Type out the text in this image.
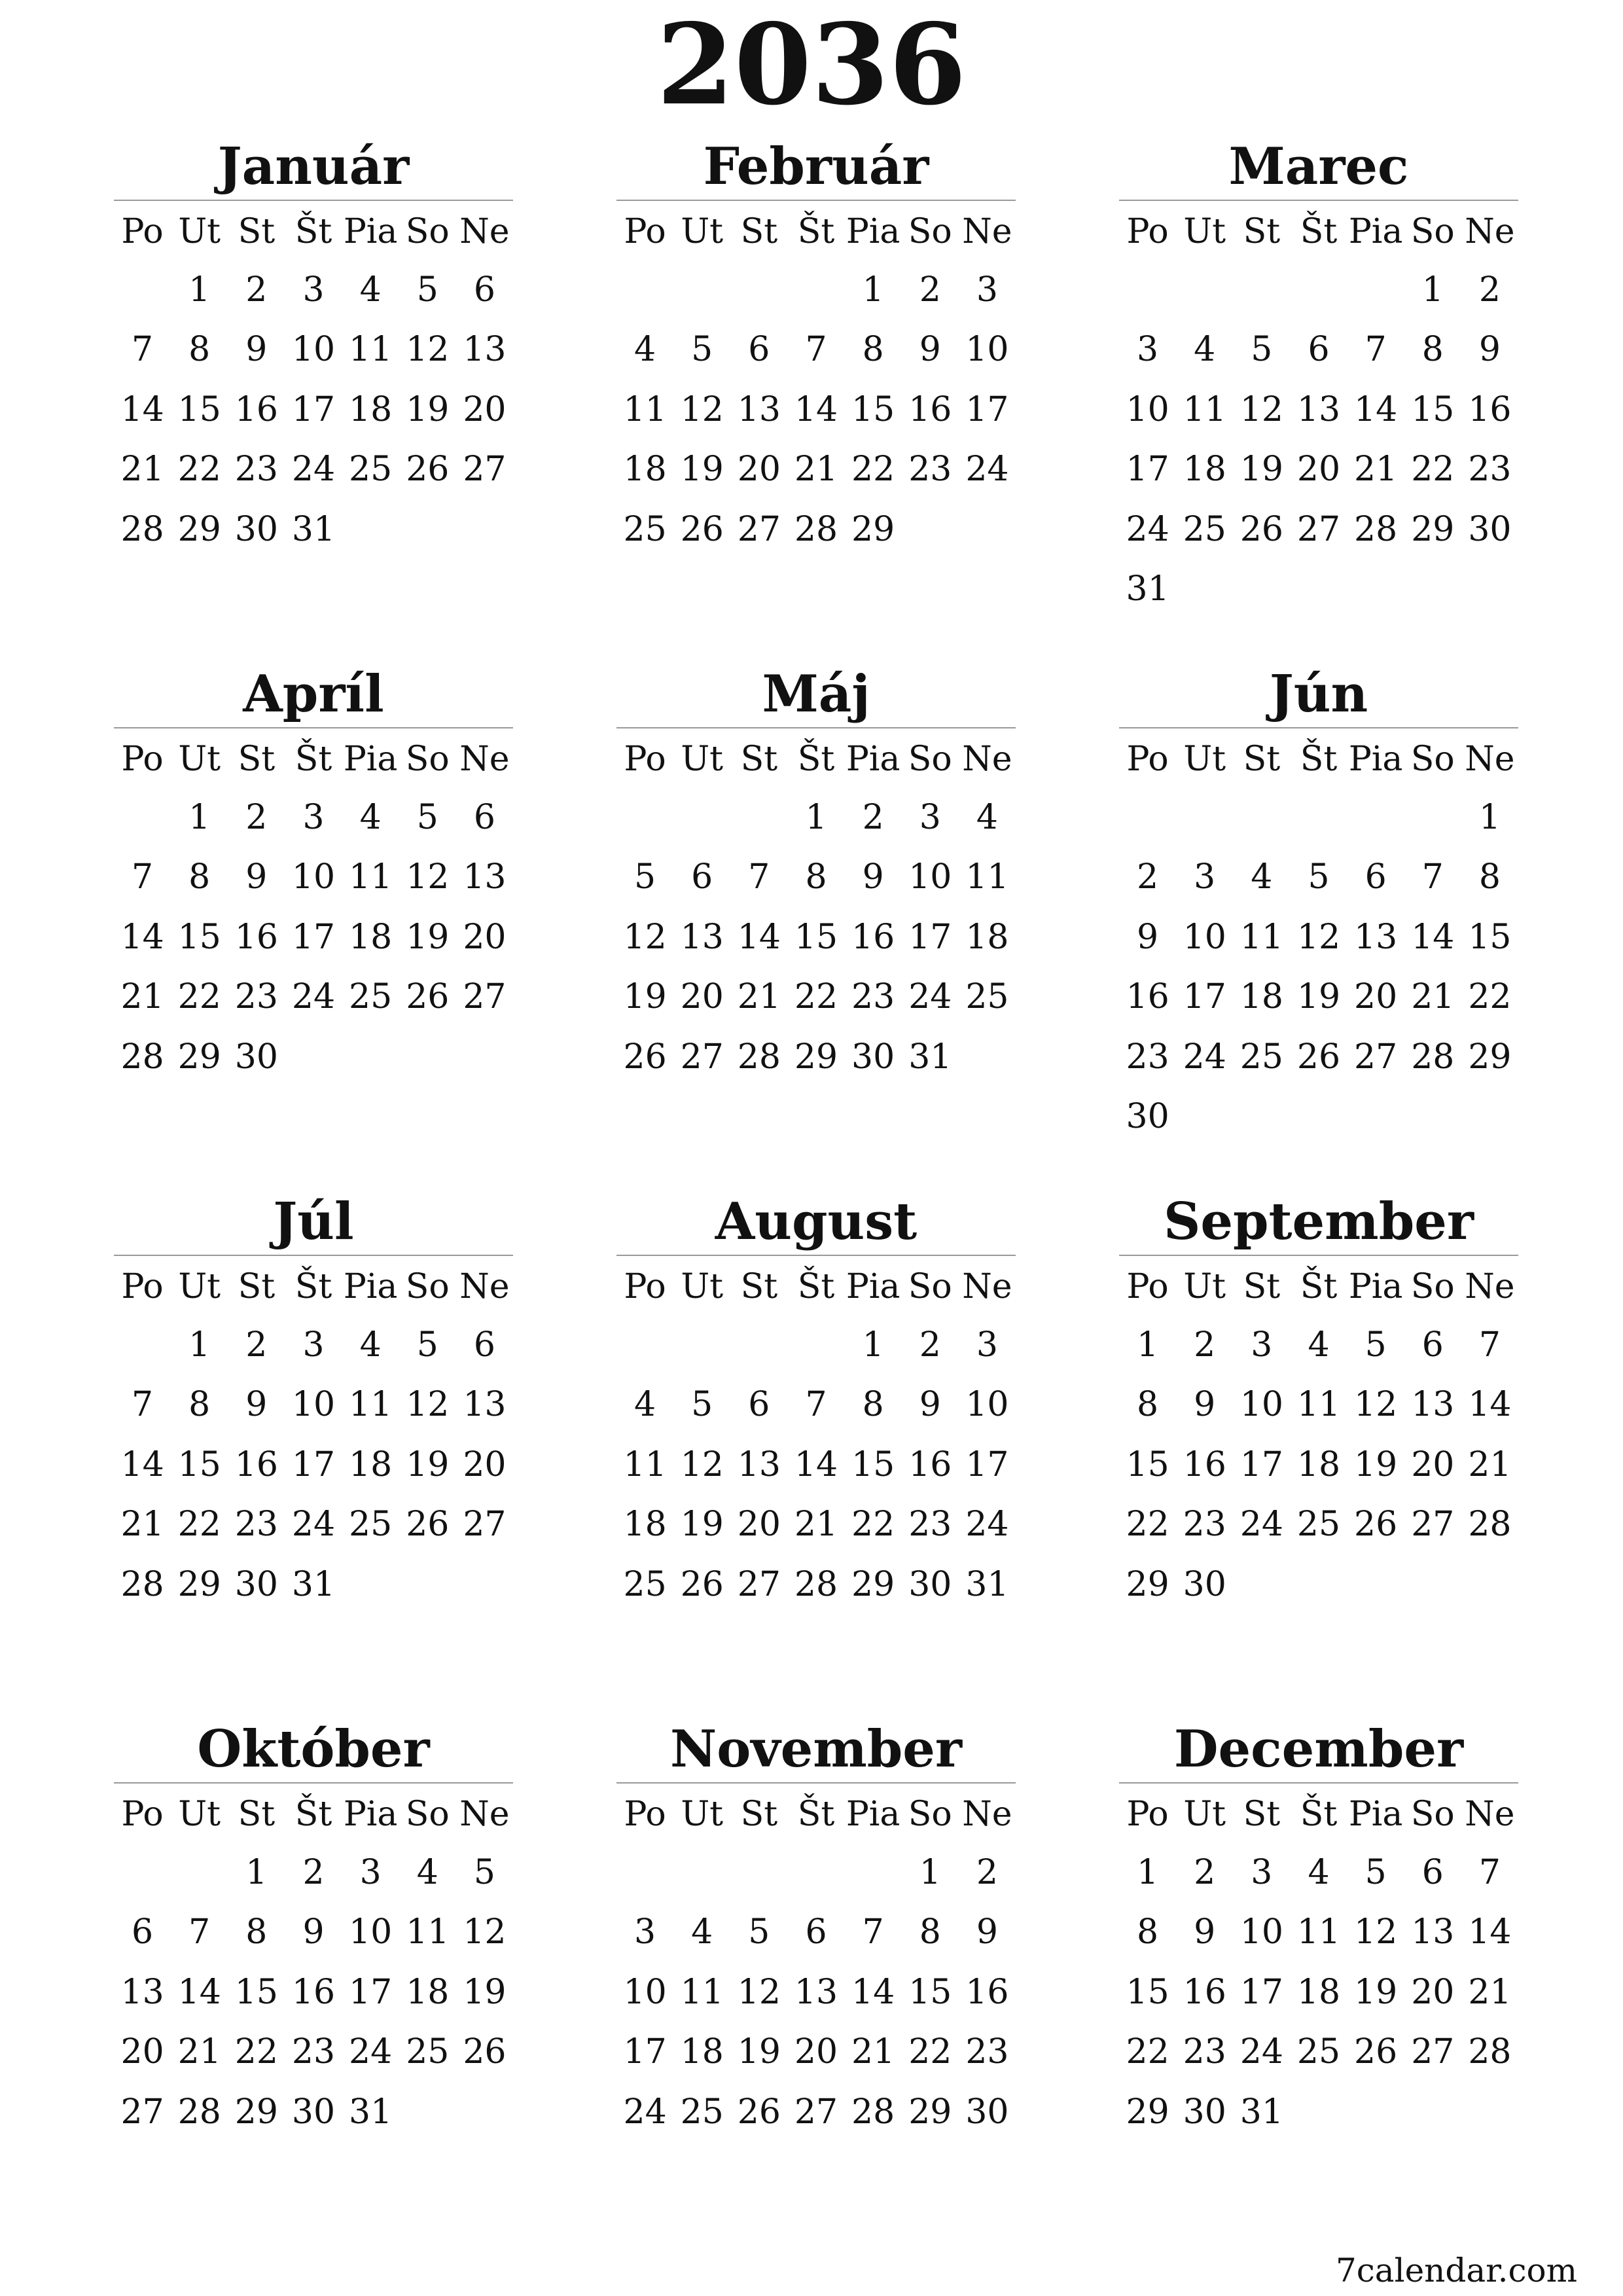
2036
Január
Po	Ut	St	Št	Pia	So	Ne
	1	2	3	4	5	6
7	8	9	10	11	12	13
14	15	16	17	18	19	20
21	22	23	24	25	26	27
28	29	30	31			
Február
Po	Ut	St	Št	Pia	So	Ne
				1	2	3
4	5	6	7	8	9	10
11	12	13	14	15	16	17
18	19	20	21	22	23	24
25	26	27	28	29		
Marec
Po	Ut	St	Št	Pia	So	Ne
					1	2
3	4	5	6	7	8	9
10	11	12	13	14	15	16
17	18	19	20	21	22	23
24	25	26	27	28	29	30
31						
Apríl
Po	Ut	St	Št	Pia	So	Ne
	1	2	3	4	5	6
7	8	9	10	11	12	13
14	15	16	17	18	19	20
21	22	23	24	25	26	27
28	29	30				
Máj
Po	Ut	St	Št	Pia	So	Ne
			1	2	3	4
5	6	7	8	9	10	11
12	13	14	15	16	17	18
19	20	21	22	23	24	25
26	27	28	29	30	31	
Jún
Po	Ut	St	Št	Pia	So	Ne
						1
2	3	4	5	6	7	8
9	10	11	12	13	14	15
16	17	18	19	20	21	22
23	24	25	26	27	28	29
30						
Júl
Po	Ut	St	Št	Pia	So	Ne
	1	2	3	4	5	6
7	8	9	10	11	12	13
14	15	16	17	18	19	20
21	22	23	24	25	26	27
28	29	30	31			
August
Po	Ut	St	Št	Pia	So	Ne
				1	2	3
4	5	6	7	8	9	10
11	12	13	14	15	16	17
18	19	20	21	22	23	24
25	26	27	28	29	30	31
September
Po	Ut	St	Št	Pia	So	Ne
1	2	3	4	5	6	7
8	9	10	11	12	13	14
15	16	17	18	19	20	21
22	23	24	25	26	27	28
29	30					
Október
Po	Ut	St	Št	Pia	So	Ne
		1	2	3	4	5
6	7	8	9	10	11	12
13	14	15	16	17	18	19
20	21	22	23	24	25	26
27	28	29	30	31		
November
Po	Ut	St	Št	Pia	So	Ne
					1	2
3	4	5	6	7	8	9
10	11	12	13	14	15	16
17	18	19	20	21	22	23
24	25	26	27	28	29	30
December
Po	Ut	St	Št	Pia	So	Ne
1	2	3	4	5	6	7
8	9	10	11	12	13	14
15	16	17	18	19	20	21
22	23	24	25	26	27	28
29	30	31				
7calendar.com
